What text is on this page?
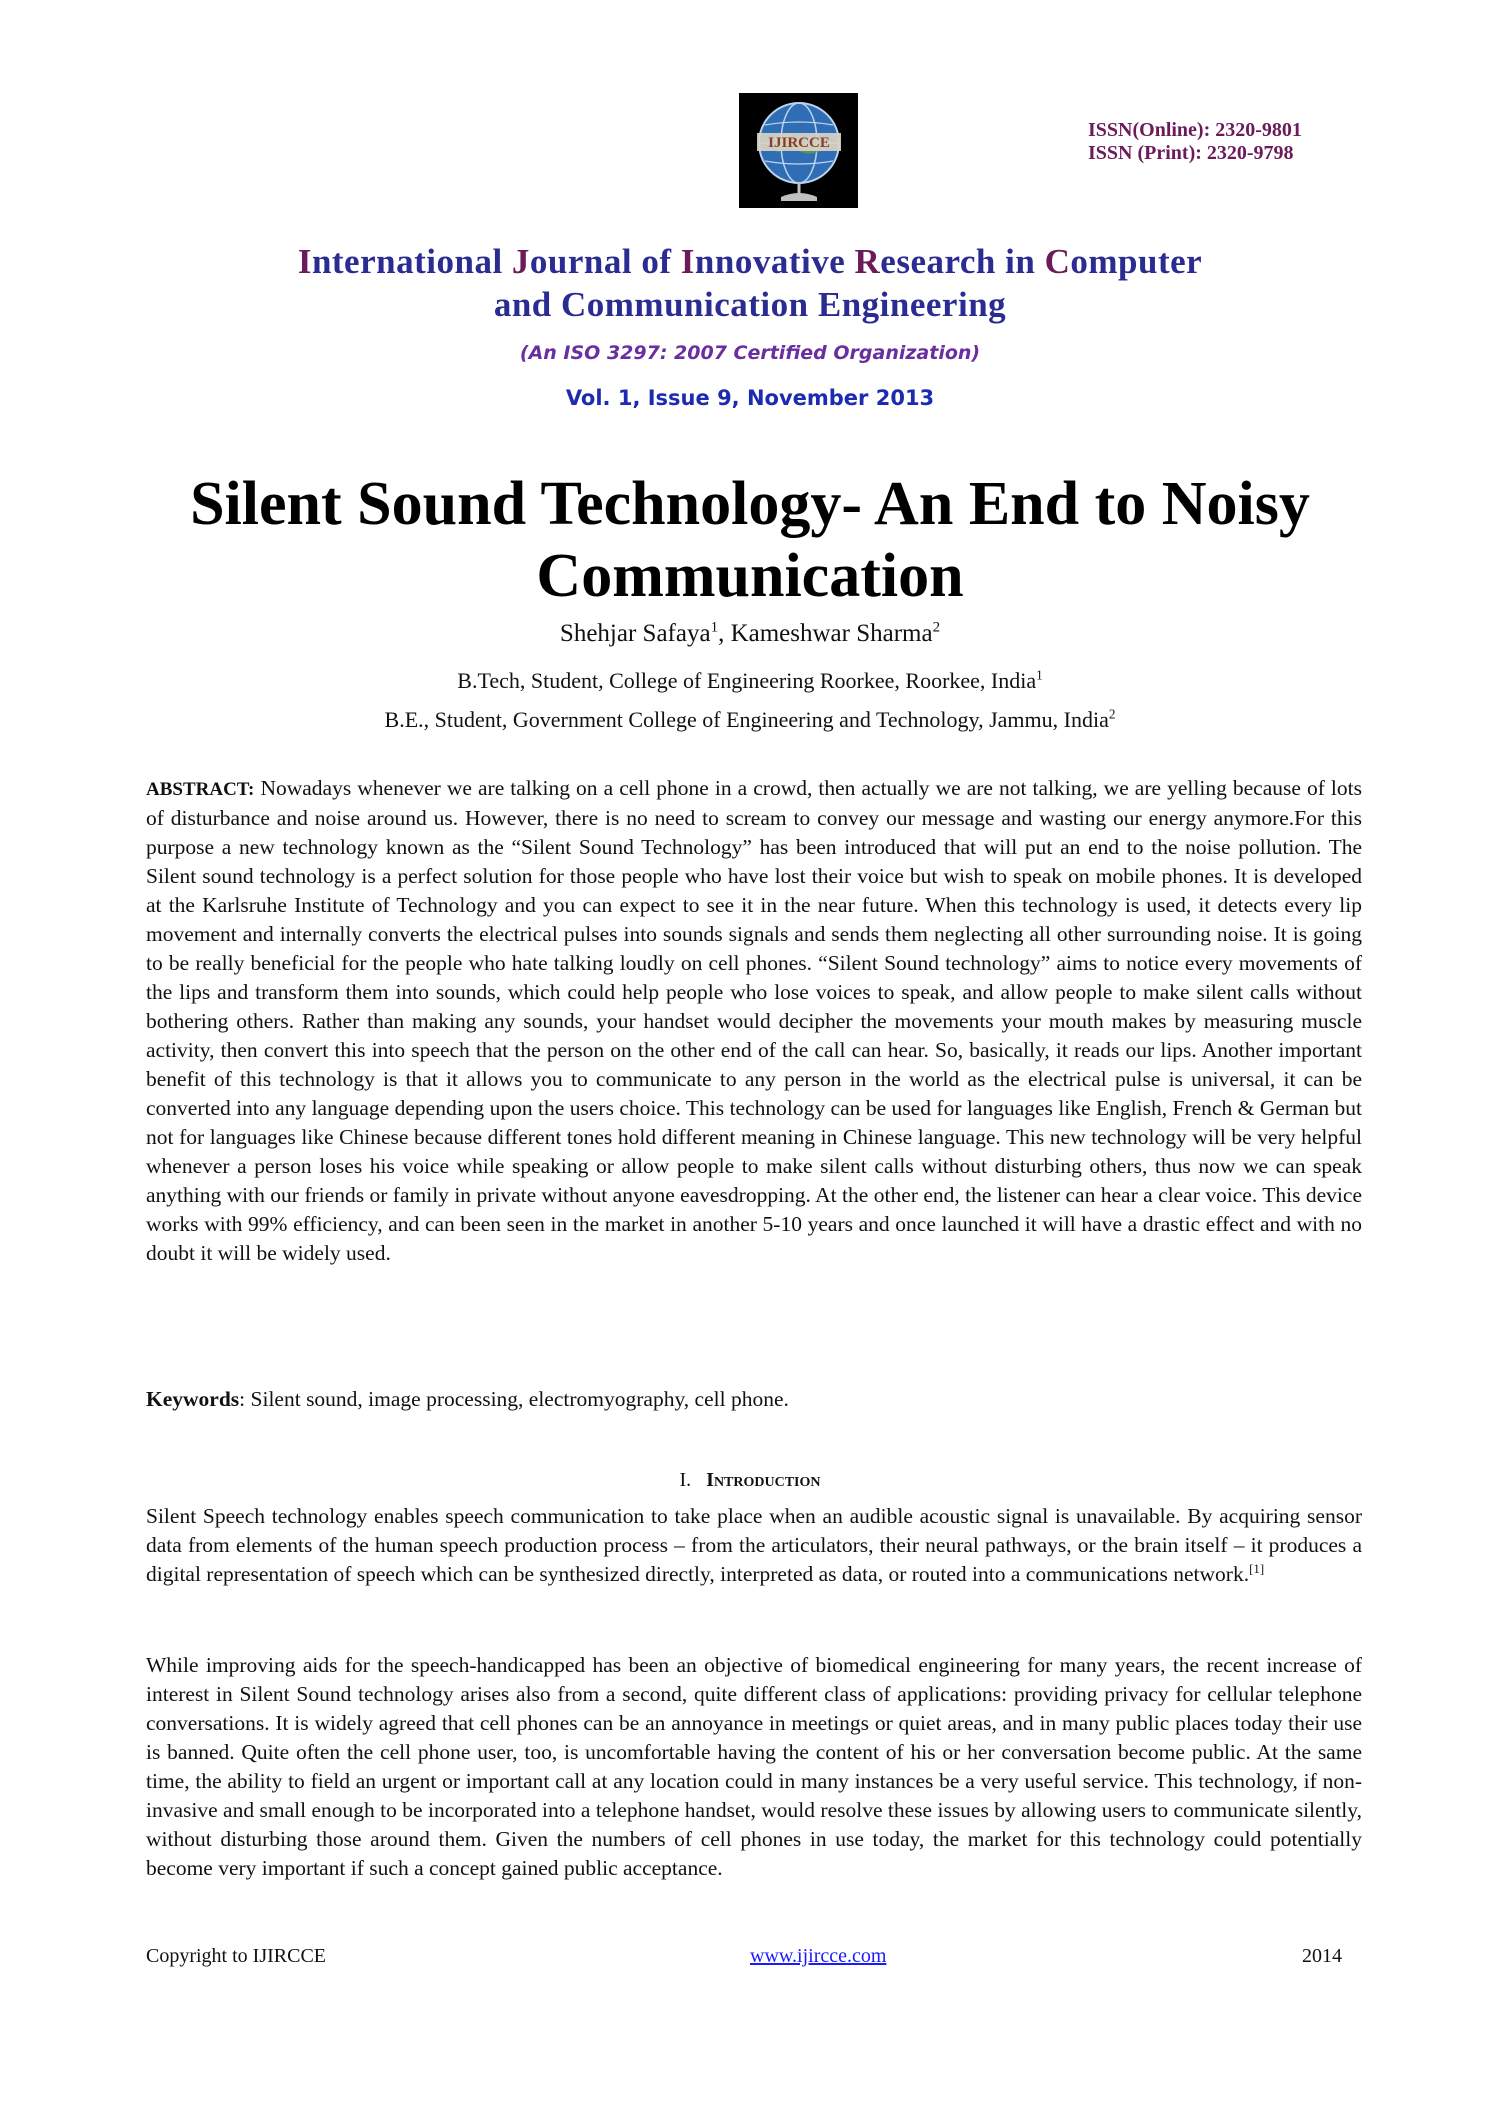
IJIRCCE
ISSN(Online): 2320-9801
ISSN (Print): 2320-9798
International Journal of Innovative Research in Computer
and Communication Engineering
(An ISO 3297: 2007 Certified Organization)
Vol. 1, Issue 9, November 2013
Silent Sound Technology- An End to Noisy
Communication
Shehjar Safaya$^1$, Kameshwar Sharma$^2$
B.Tech, Student, College of Engineering Roorkee, Roorkee, India$^1$
B.E., Student, Government College of Engineering and Technology, Jammu, India$^2$
ABSTRACT: Nowadays whenever we are talking on a cell phone in a crowd, then actually we are not talking, we are yelling because of lots of disturbance and noise around us. However, there is no need to scream to convey our message and wasting our energy anymore.For this purpose a new technology known as the “Silent Sound Technology” has been introduced that will put an end to the noise pollution. The Silent sound technology is a perfect solution for those people who have lost their voice but wish to speak on mobile phones. It is developed at the Karlsruhe Institute of Technology and you can expect to see it in the near future. When this technology is used, it detects every lip movement and internally converts the electrical pulses into sounds signals and sends them neglecting all other surrounding noise. It is going to be really beneficial for the people who hate talking loudly on cell phones. “Silent Sound technology” aims to notice every movements of the lips and transform them into sounds, which could help people who lose voices to speak, and allow people to make silent calls without bothering others. Rather than making any sounds, your handset would decipher the movements your mouth makes by measuring muscle activity, then convert this into speech that the person on the other end of the call can hear. So, basically, it reads our lips. Another important benefit of this technology is that it allows you to communicate to any person in the world as the electrical pulse is universal, it can be converted into any language depending upon the users choice. This technology can be used for languages like English, French & German but not for languages like Chinese because different tones hold different meaning in Chinese language. This new technology will be very helpful whenever a person loses his voice while speaking or allow people to make silent calls without disturbing others, thus now we can speak anything with our friends or family in private without anyone eavesdropping. At the other end, the listener can hear a clear voice. This device works with 99% efficiency, and can been seen in the market in another 5-10 years and once launched it will have a drastic effect and with no doubt it will be widely used.
Keywords: Silent sound, image processing, electromyography, cell phone.
I. Introduction
Silent Speech technology enables speech communication to take place when an audible acoustic signal is unavailable. By acquiring sensor data from elements of the human speech production process – from the articulators, their neural pathways, or the brain itself – it produces a digital representation of speech which can be synthesized directly, interpreted as data, or routed into a communications network.[1]
While improving aids for the speech-handicapped has been an objective of biomedical engineering for many years, the recent increase of interest in Silent Sound technology arises also from a second, quite different class of applications: providing privacy for cellular telephone conversations. It is widely agreed that cell phones can be an annoyance in meetings or quiet areas, and in many public places today their use is banned. Quite often the cell phone user, too, is uncomfortable having the content of his or her conversation become public. At the same time, the ability to field an urgent or important call at any location could in many instances be a very useful service. This technology, if non-invasive and small enough to be incorporated into a telephone handset, would resolve these issues by allowing users to communicate silently, without disturbing those around them. Given the numbers of cell phones in use today, the market for this technology could potentially become very important if such a concept gained public acceptance.
Copyright to IJIRCCE	www.ijircce.com	2014
